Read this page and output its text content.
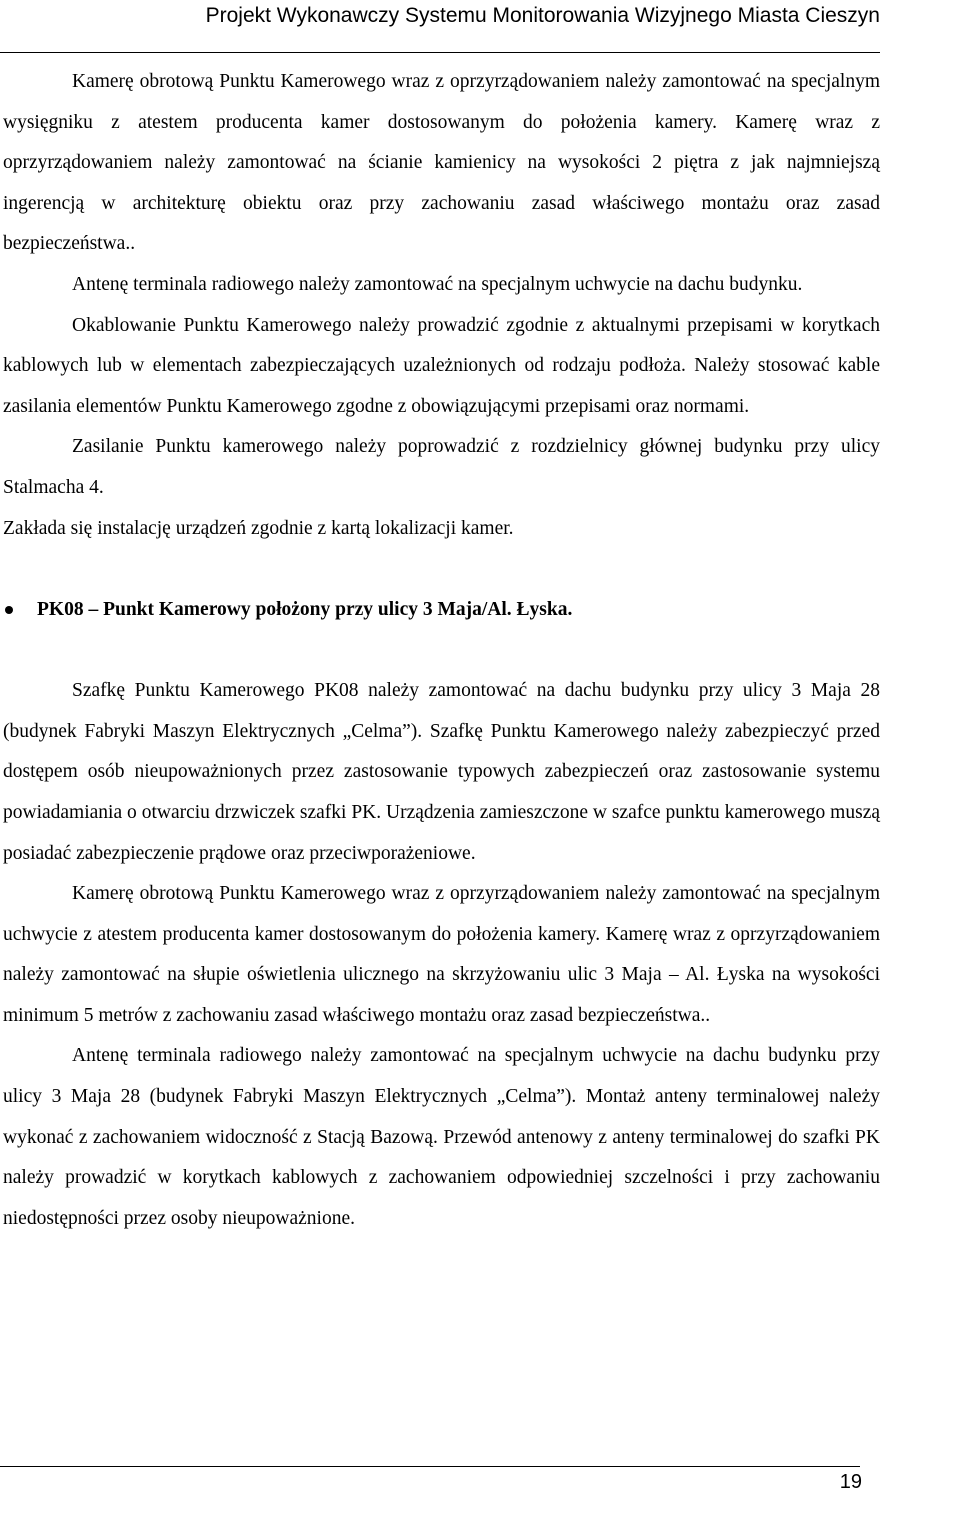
Projekt Wykonawczy Systemu Monitorowania Wizyjnego Miasta Cieszyn

Kamerę obrotową Punktu Kamerowego wraz z oprzyrządowaniem należy zamontować na specjalnym wysięgniku z atestem producenta kamer dostosowanym do położenia kamery. Kamerę wraz z oprzyrządowaniem należy zamontować na ścianie kamienicy na wysokości 2 piętra z jak najmniejszą ingerencją w architekturę obiektu oraz przy zachowaniu zasad właściwego montażu oraz zasad bezpieczeństwa..

Antenę terminala radiowego należy zamontować na specjalnym uchwycie na dachu budynku.

Okablowanie Punktu Kamerowego należy prowadzić zgodnie z aktualnymi przepisami w korytkach kablowych lub w elementach zabezpieczających uzależnionych od rodzaju podłoża. Należy stosować kable zasilania elementów Punktu Kamerowego zgodne z obowiązującymi przepisami oraz normami.

Zasilanie Punktu kamerowego należy poprowadzić z rozdzielnicy głównej budynku przy ulicy Stalmacha 4.

Zakłada się instalację urządzeń zgodnie z kartą lokalizacji kamer.

PK08 – Punkt Kamerowy położony przy ulicy 3 Maja/Al. Łyska.

Szafkę Punktu Kamerowego PK08 należy zamontować na dachu budynku przy ulicy 3 Maja 28 (budynek Fabryki Maszyn Elektrycznych „Celma”). Szafkę Punktu Kamerowego należy zabezpieczyć przed dostępem osób nieupoważnionych przez zastosowanie typowych zabezpieczeń oraz zastosowanie systemu powiadamiania o otwarciu drzwiczek szafki PK. Urządzenia zamieszczone w szafce punktu kamerowego muszą posiadać zabezpieczenie prądowe oraz przeciwporażeniowe.

Kamerę obrotową Punktu Kamerowego wraz z oprzyrządowaniem należy zamontować na specjalnym uchwycie z atestem producenta kamer dostosowanym do położenia kamery. Kamerę wraz z oprzyrządowaniem należy zamontować na słupie oświetlenia ulicznego na skrzyżowaniu ulic 3 Maja – Al. Łyska na wysokości minimum 5 metrów z zachowaniu zasad właściwego montażu oraz zasad bezpieczeństwa..

Antenę terminala radiowego należy zamontować na specjalnym uchwycie na dachu budynku przy ulicy 3 Maja 28 (budynek Fabryki Maszyn Elektrycznych „Celma”). Montaż anteny terminalowej należy wykonać z zachowaniem widoczność z Stacją Bazową. Przewód antenowy z anteny terminalowej do szafki PK należy prowadzić w korytkach kablowych z zachowaniem odpowiedniej szczelności i przy zachowaniu niedostępności przez osoby nieupoważnione.

19
